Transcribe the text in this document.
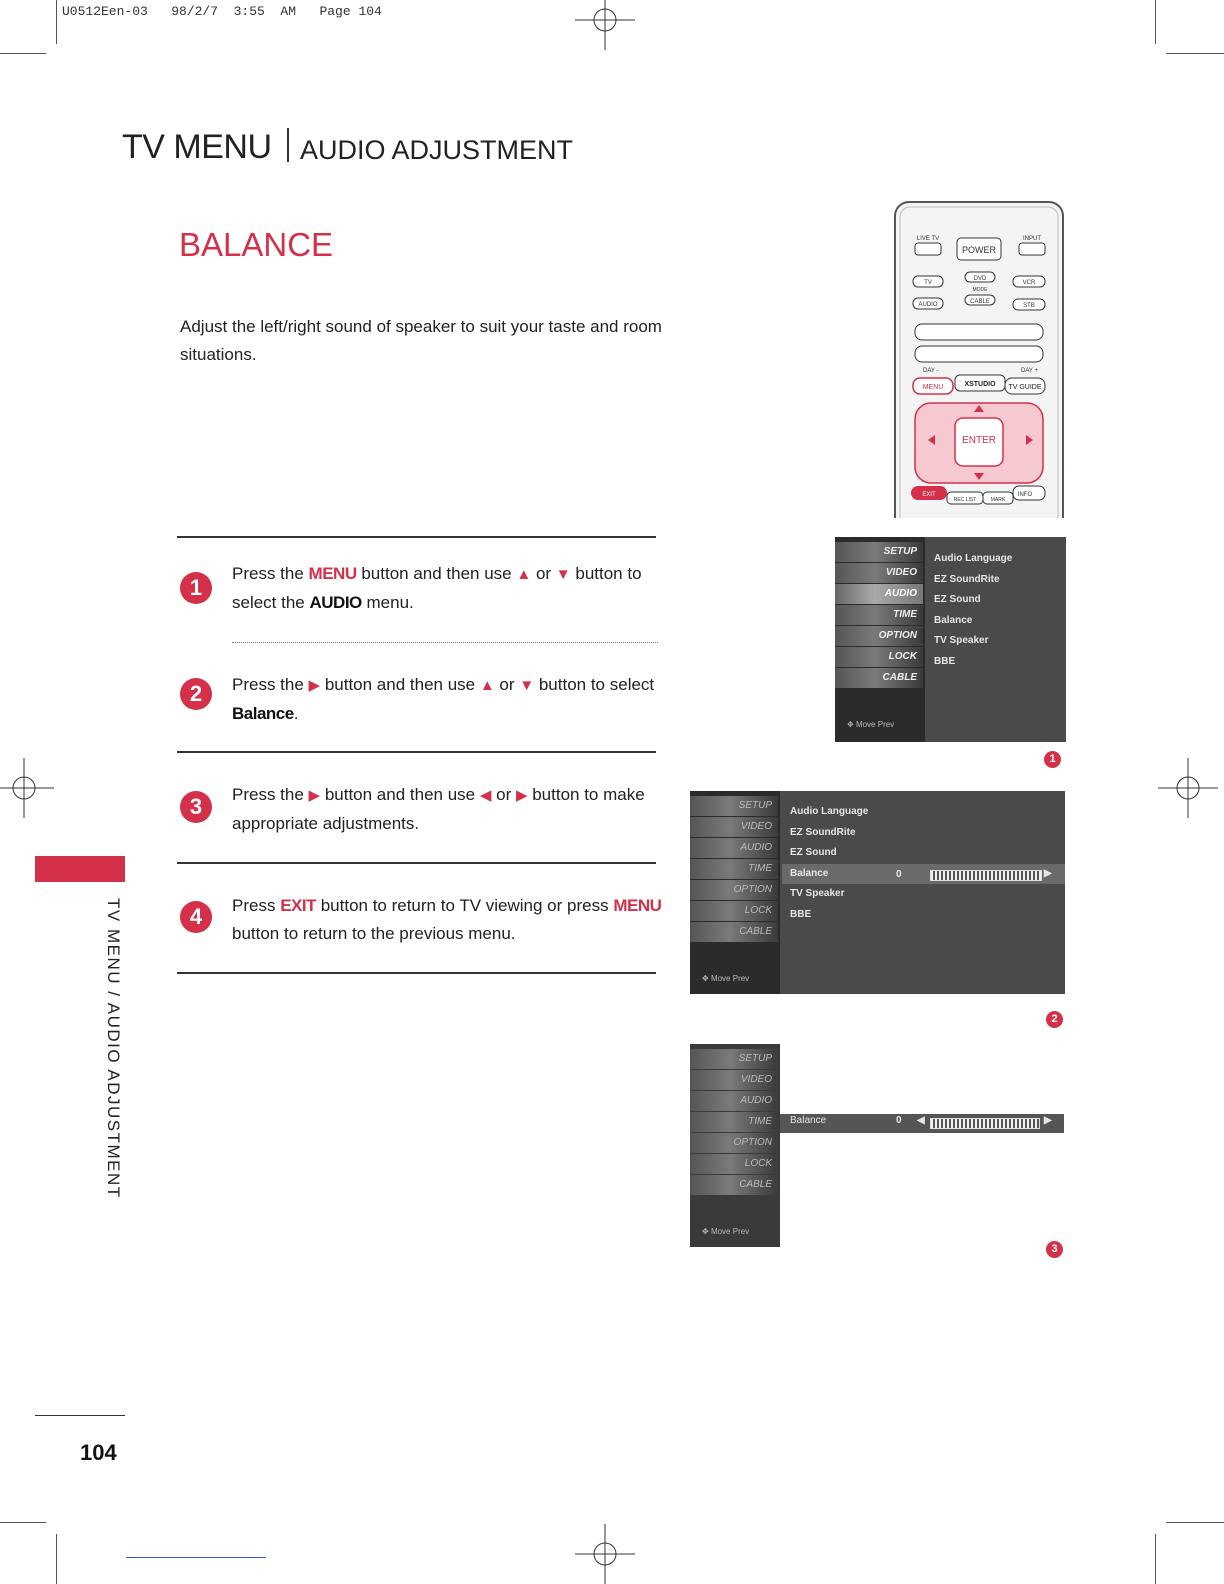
U0512Een-03   98/2/7  3:55  AM   Page 104
TV MENU AUDIO ADJUSTMENT
BALANCE
Adjust the left/right sound of speaker to suit your taste and room situations.
1
Press the MENU button and then use ▲ or ▼ button to select the AUDIO menu.
2	Press the ▶ button and then use ▲ or ▼ button to select Balance.
3	Press the ▶ button and then use ◀ or ▶ button to make appropriate adjustments.
4	Press EXIT button to return to TV viewing or press MENU button to return to the previous menu.
TV MENU / AUDIO ADJUSTMENT
104
LIVE TV	INPUT
POWER
TV
DVD
VCR
MODE
AUDIO	CABLE
STB
DAY -	DAY +
MENU	XSTUDIO TV GUIDE
ENTER
EXIT
REC LIST	MARK
INFO
SETUP
VIDEO
AUDIO
TIME
OPTION
LOCK
CABLE
✥ Move Prev
Audio Language
EZ SoundRite
EZ Sound
Balance
TV Speaker
BBE
1
SETUP
VIDEO
AUDIO
TIME
OPTION
LOCK
CABLE
✥ Move Prev
Audio Language
EZ SoundRite
EZ Sound
Balance
TV Speaker
BBE
0	▶
2
SETUP
VIDEO
AUDIO
TIME
OPTION
LOCK
CABLE
✥ Move Prev
Balance	0 ◀	▶
3
